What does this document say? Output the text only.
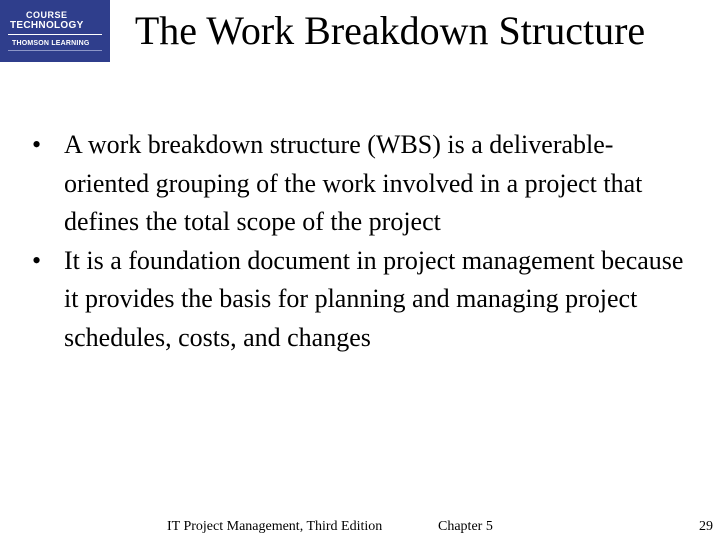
COURSE
TECHNOLOGY
THOMSON LEARNING	The Work Breakdown Structure
• A work breakdown structure (WBS) is a deliverable-oriented grouping of the work involved in a project that defines the total scope of the project
• It is a foundation document in project management because it provides the basis for planning and managing project schedules, costs, and changes
IT Project Management, Third Edition	Chapter 5	29
